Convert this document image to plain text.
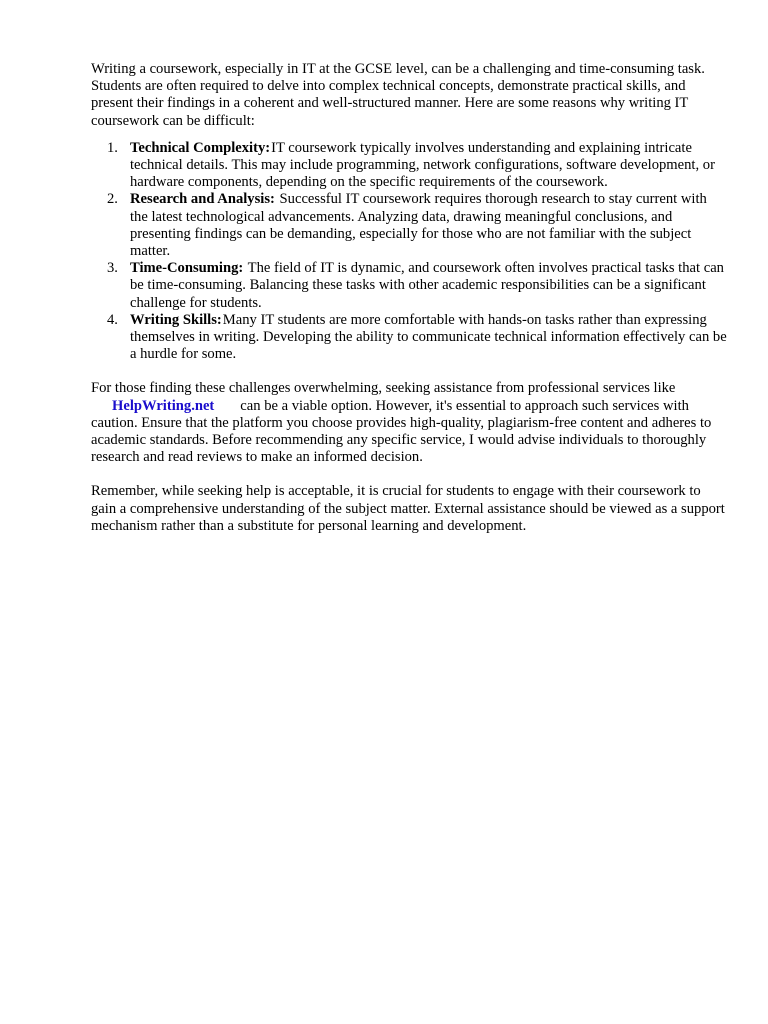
Writing a coursework, especially in IT at the GCSE level, can be a challenging and time-consuming task. Students are often required to delve into complex technical concepts, demonstrate practical skills, and present their findings in a coherent and well-structured manner. Here are some reasons why writing IT coursework can be difficult:

1. Technical Complexity:IT coursework typically involves understanding and explaining intricate technical details. This may include programming, network configurations, software development, or hardware components, depending on the specific requirements of the coursework.
2. Research and Analysis: Successful IT coursework requires thorough research to stay current with the latest technological advancements. Analyzing data, drawing meaningful conclusions, and presenting findings can be demanding, especially for those who are not familiar with the subject matter.
3. Time-Consuming: The field of IT is dynamic, and coursework often involves practical tasks that can be time-consuming. Balancing these tasks with other academic responsibilities can be a significant challenge for students.
4. Writing Skills:Many IT students are more comfortable with hands-on tasks rather than expressing themselves in writing. Developing the ability to communicate technical information effectively can be a hurdle for some.

For those finding these challenges overwhelming, seeking assistance from professional services like
HelpWriting.net can be a viable option. However, it's essential to approach such services with caution. Ensure that the platform you choose provides high-quality, plagiarism-free content and adheres to academic standards. Before recommending any specific service, I would advise individuals to thoroughly research and read reviews to make an informed decision.

Remember, while seeking help is acceptable, it is crucial for students to engage with their coursework to gain a comprehensive understanding of the subject matter. External assistance should be viewed as a support mechanism rather than a substitute for personal learning and development.
